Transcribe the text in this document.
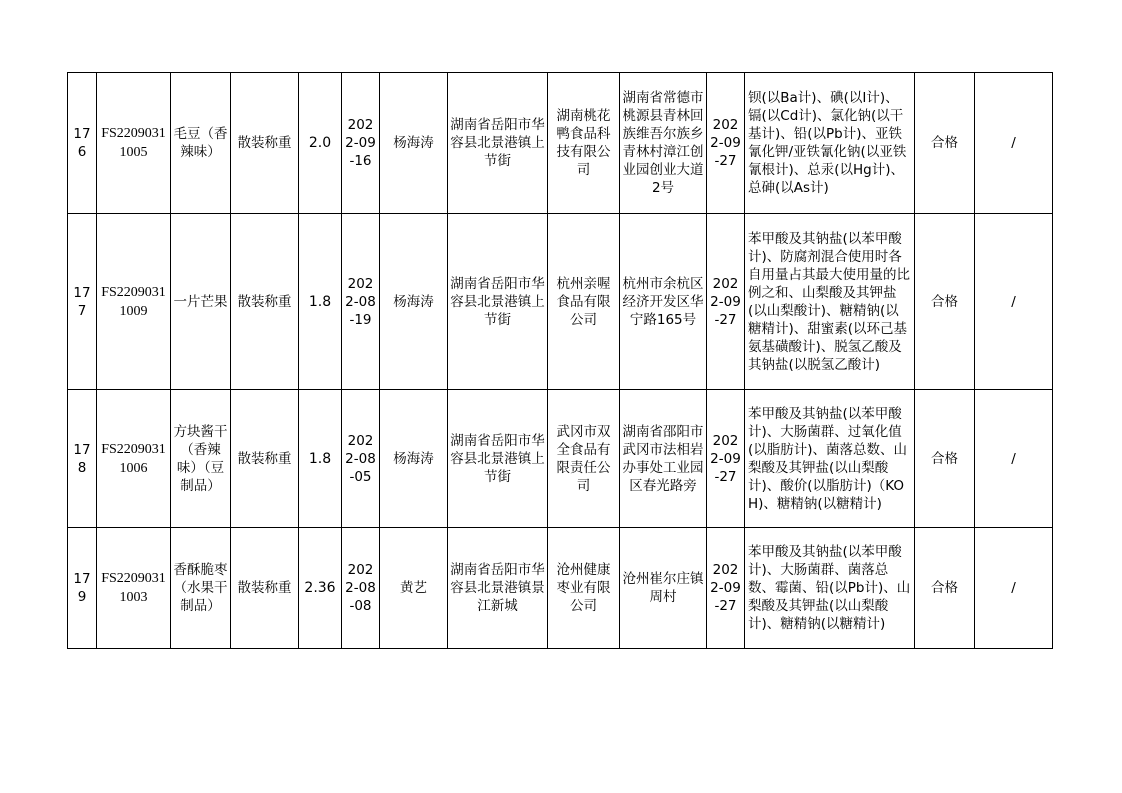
176	FS22090311005	毛豆（香辣味）	散装称重	2.0	2022-09-16	杨海涛	湖南省岳阳市华容县北景港镇上节街	湖南桃花鸭食品科技有限公司	湖南省常德市桃源县青林回族维吾尔族乡青林村漳江创业园创业大道2号	2022-09-27	钡(以Ba计)、碘(以I计)、镉(以Cd计)、氯化钠(以干基计)、铅(以Pb计)、亚铁氰化钾/亚铁氰化钠(以亚铁氰根计)、总汞(以Hg计)、总砷(以As计)	合格	/
177	FS22090311009	一片芒果	散装称重	1.8	2022-08-19	杨海涛	湖南省岳阳市华容县北景港镇上节街	杭州亲喔食品有限公司	杭州市余杭区经济开发区华宁路165号	2022-09-27	苯甲酸及其钠盐(以苯甲酸计)、防腐剂混合使用时各自用量占其最大使用量的比例之和、山梨酸及其钾盐(以山梨酸计)、糖精钠(以糖精计)、甜蜜素(以环己基氨基磺酸计)、脱氢乙酸及其钠盐(以脱氢乙酸计)	合格	/
178	FS22090311006	方块酱干（香辣味）（豆制品）	散装称重	1.8	2022-08-05	杨海涛	湖南省岳阳市华容县北景港镇上节街	武冈市双全食品有限责任公司	湖南省邵阳市武冈市法相岩办事处工业园区春光路旁	2022-09-27	苯甲酸及其钠盐(以苯甲酸计)、大肠菌群、过氧化值(以脂肪计)、菌落总数、山梨酸及其钾盐(以山梨酸计)、酸价(以脂肪计)（KOH)、糖精钠(以糖精计)	合格	/
179	FS22090311003	香酥脆枣（水果干制品）	散装称重	2.36	2022-08-08	黄艺	湖南省岳阳市华容县北景港镇景江新城	沧州健康枣业有限公司	沧州崔尔庄镇周村	2022-09-27	苯甲酸及其钠盐(以苯甲酸计)、大肠菌群、菌落总数、霉菌、铅(以Pb计)、山梨酸及其钾盐(以山梨酸计)、糖精钠(以糖精计)	合格	/
